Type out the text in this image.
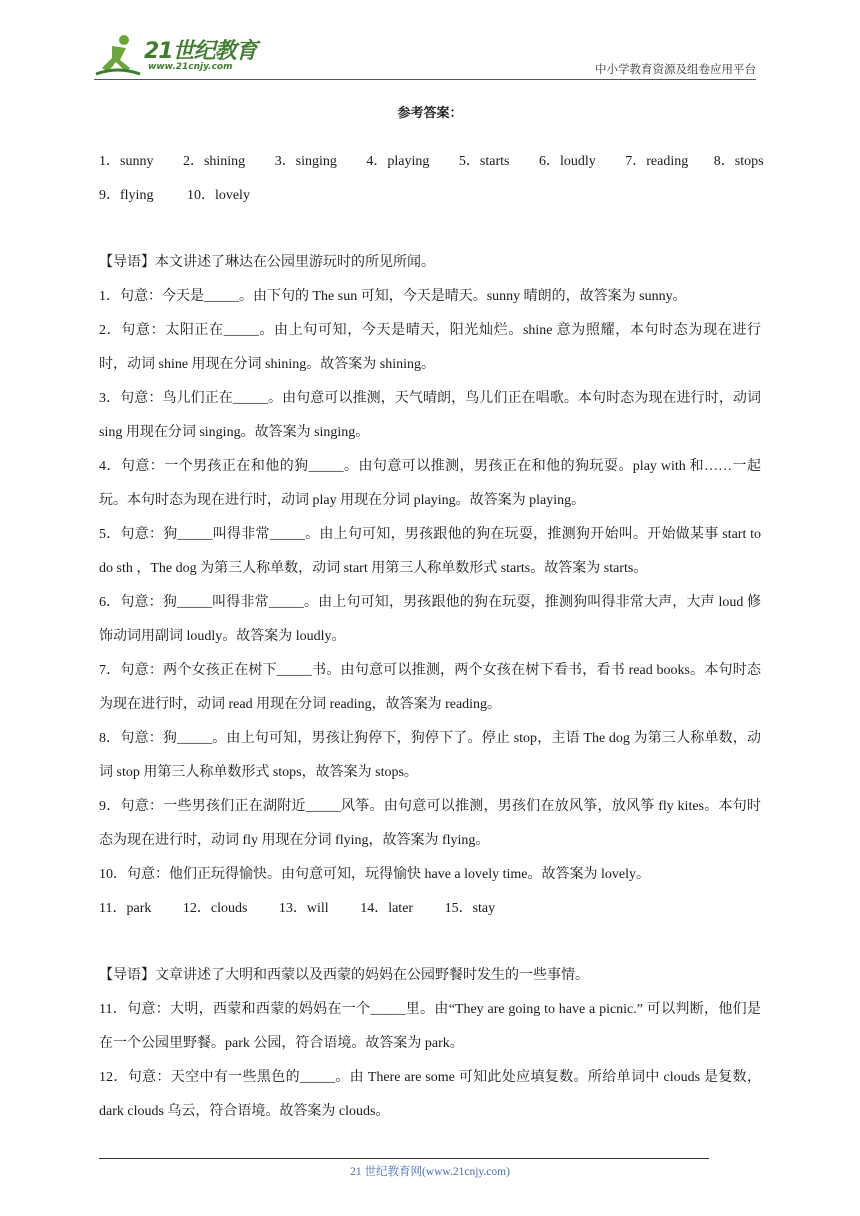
21世纪教育
www.21cnjy.com	中小学教育资源及组卷应用平台
参考答案：
1．sunny 2．shining 3．singing 4．playing 5．starts 6．loudly 7．reading 8．stops
9．flying 10．lovely

【导语】本文讲述了琳达在公园里游玩时的所见所闻。

1．句意：今天是_____。由下句的 The sun 可知，今天是晴天。sunny 晴朗的，故答案为 sunny。

2．句意：太阳正在_____。由上句可知，今天是晴天，阳光灿烂。shine 意为照耀，本句时态为现在进行时，动词 shine 用现在分词 shining。故答案为 shining。

3．句意：鸟儿们正在_____。由句意可以推测，天气晴朗，鸟儿们正在唱歌。本句时态为现在进行时，动词 sing 用现在分词 singing。故答案为 singing。

4．句意：一个男孩正在和他的狗_____。由句意可以推测，男孩正在和他的狗玩耍。play with 和……一起玩。本句时态为现在进行时，动词 play 用现在分词 playing。故答案为 playing。

5．句意：狗_____叫得非常_____。由上句可知，男孩跟他的狗在玩耍，推测狗开始叫。开始做某事 start to do sth ，The dog 为第三人称单数，动词 start 用第三人称单数形式 starts。故答案为 starts。

6．句意：狗_____叫得非常_____。由上句可知，男孩跟他的狗在玩耍，推测狗叫得非常大声，大声 loud 修饰动词用副词 loudly。故答案为 loudly。

7．句意：两个女孩正在树下_____书。由句意可以推测，两个女孩在树下看书，看书 read books。本句时态为现在进行时，动词 read 用现在分词 reading，故答案为 reading。

8．句意：狗_____。由上句可知，男孩让狗停下，狗停下了。停止 stop，主语 The dog 为第三人称单数，动词 stop 用第三人称单数形式 stops，故答案为 stops。

9．句意：一些男孩们正在湖附近_____风筝。由句意可以推测，男孩们在放风筝，放风筝 fly kites。本句时态为现在进行时，动词 fly 用现在分词 flying，故答案为 flying。

10．句意：他们正玩得愉快。由句意可知，玩得愉快 have a lovely time。故答案为 lovely。

11．park 12．clouds 13．will 14．later 15．stay

【导语】文章讲述了大明和西蒙以及西蒙的妈妈在公园野餐时发生的一些事情。

11．句意：大明，西蒙和西蒙的妈妈在一个_____里。由“They are going to have a picnic.” 可以判断，他们是在一个公园里野餐。park 公园，符合语境。故答案为 park。

12．句意：天空中有一些黑色的_____。由 There are some 可知此处应填复数。所给单词中 clouds 是复数，dark clouds 乌云，符合语境。故答案为 clouds。

21 世纪教育网(www.21cnjy.com)
